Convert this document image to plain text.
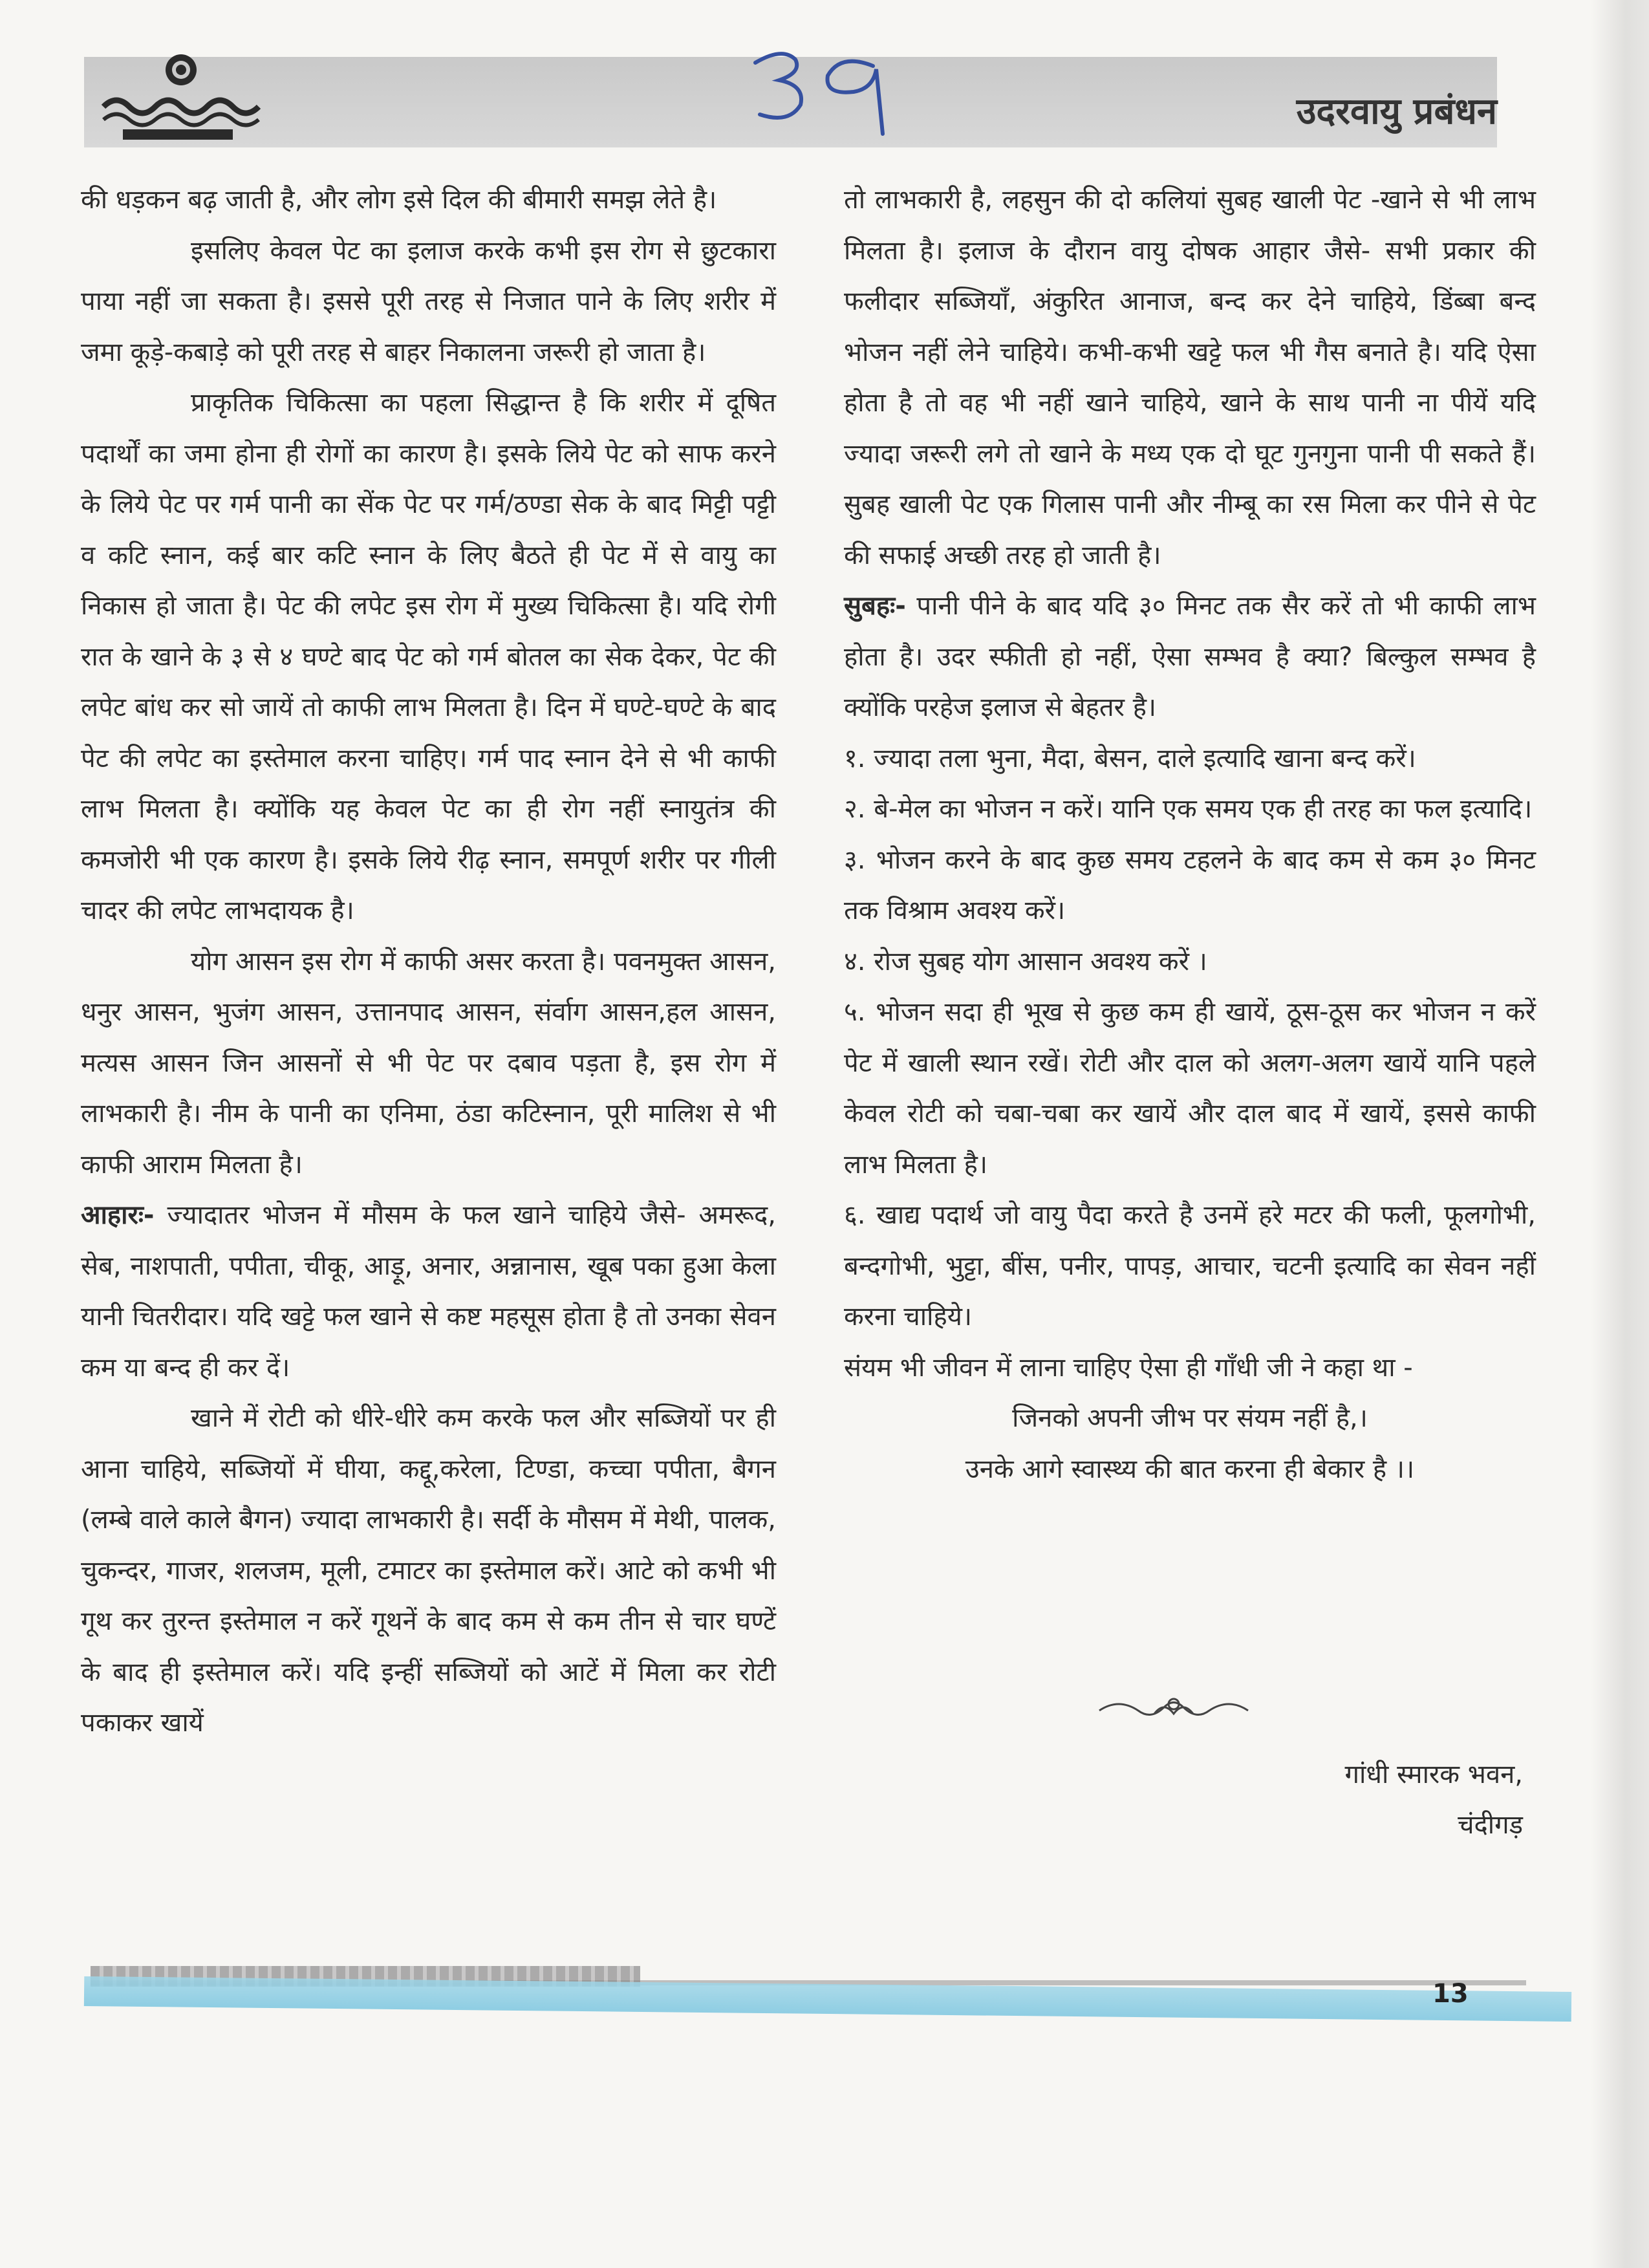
उदरवायु प्रबंधन

की धड़कन बढ़ जाती है, और लोग इसे दिल की बीमारी समझ लेते है।

इसलिए केवल पेट का इलाज करके कभी इस रोग से छुटकारा पाया नहीं जा सकता है। इससे पूरी तरह से निजात पाने के लिए शरीर में जमा कूड़े-कबाड़े को पूरी तरह से बाहर निकालना जरूरी हो जाता है।

प्राकृतिक चिकित्सा का पहला सिद्धान्त है कि शरीर में दूषित पदार्थों का जमा होना ही रोगों का कारण है। इसके लिये पेट को साफ करने के लिये पेट पर गर्म पानी का सेंक पेट पर गर्म/ठण्डा सेक के बाद मिट्टी पट्टी व कटि स्नान, कई बार कटि स्नान के लिए बैठते ही पेट में से वायु का निकास हो जाता है। पेट की लपेट इस रोग में मुख्य चिकित्सा है। यदि रोगी रात के खाने के ३ से ४ घण्टे बाद पेट को गर्म बोतल का सेक देकर, पेट की लपेट बांध कर सो जायें तो काफी लाभ मिलता है। दिन में घण्टे-घण्टे के बाद पेट की लपेट का इस्तेमाल करना चाहिए। गर्म पाद स्नान देने से भी काफी लाभ मिलता है। क्योंकि यह केवल पेट का ही रोग नहीं स्नायुतंत्र की कमजोरी भी एक कारण है। इसके लिये रीढ़ स्नान, समपूर्ण शरीर पर गीली चादर की लपेट लाभदायक है।

योग आसन इस रोग में काफी असर करता है। पवनमुक्त आसन, धनुर आसन, भुजंग आसन, उत्तानपाद आसन, संर्वाग आसन,हल आसन, मत्यस आसन जिन आसनों से भी पेट पर दबाव पड़ता है, इस रोग में लाभकारी है। नीम के पानी का एनिमा, ठंडा कटिस्नान, पूरी मालिश से भी काफी आराम मिलता है।

आहारः- ज्यादातर भोजन में मौसम के फल खाने चाहिये जैसे- अमरूद, सेब, नाशपाती, पपीता, चीकू, आड़ू, अनार, अन्नानास, खूब पका हुआ केला यानी चितरीदार। यदि खट्टे फल खाने से कष्ट महसूस होता है तो उनका सेवन कम या बन्द ही कर दें।

खाने में रोटी को धीरे-धीरे कम करके फल और सब्जियों पर ही आना चाहिये, सब्जियों में घीया, कद्दू,करेला, टिण्डा, कच्चा पपीता, बैगन (लम्बे वाले काले बैगन) ज्यादा लाभकारी है। सर्दी के मौसम में मेथी, पालक, चुकन्दर, गाजर, शलजम, मूली, टमाटर का इस्तेमाल करें। आटे को कभी भी गूथ कर तुरन्त इस्तेमाल न करें गूथनें के बाद कम से कम तीन से चार घण्टें के बाद ही इस्तेमाल करें। यदि इन्हीं सब्जियों को आटें में मिला कर रोटी पकाकर खायें

तो लाभकारी है, लहसुन की दो कलियां सुबह खाली पेट -खाने से भी लाभ मिलता है। इलाज के दौरान वायु दोषक आहार जैसे- सभी प्रकार की फलीदार सब्जियाँ, अंकुरित आनाज, बन्द कर देने चाहिये, डिंब्बा बन्द भोजन नहीं लेने चाहिये। कभी-कभी खट्टे फल भी गैस बनाते है। यदि ऐसा होता है तो वह भी नहीं खाने चाहिये, खाने के साथ पानी ना पीयें यदि ज्यादा जरूरी लगे तो खाने के मध्य एक दो घूट गुनगुना पानी पी सकते हैं। सुबह खाली पेट एक गिलास पानी और नीम्बू का रस मिला कर पीने से पेट की सफाई अच्छी तरह हो जाती है।

सुबहः- पानी पीने के बाद यदि ३० मिनट तक सैर करें तो भी काफी लाभ होता है। उदर स्फीती हो नहीं, ऐसा सम्भव है क्या? बिल्कुल सम्भव है क्योंकि परहेज इलाज से बेहतर है।

१. ज्यादा तला भुना, मैदा, बेसन, दाले इत्यादि खाना बन्द करें।

२. बे-मेल का भोजन न करें। यानि एक समय एक ही तरह का फल इत्यादि।

३. भोजन करने के बाद कुछ समय टहलने के बाद कम से कम ३० मिनट तक विश्राम अवश्य करें।

४. रोज सुबह योग आसान अवश्य करें ।

५. भोजन सदा ही भूख से कुछ कम ही खायें, ठूस-ठूस कर भोजन न करें पेट में खाली स्थान रखें। रोटी और दाल को अलग-अलग खायें यानि पहले केवल रोटी को चबा-चबा कर खायें और दाल बाद में खायें, इससे काफी लाभ मिलता है।

६. खाद्य पदार्थ जो वायु पैदा करते है उनमें हरे मटर की फली, फूलगोभी, बन्दगोभी, भुट्टा, बींस, पनीर, पापड़, आचार, चटनी इत्यादि का सेवन नहीं करना चाहिये।

संयम भी जीवन में लाना चाहिए ऐसा ही गाँधी जी ने कहा था -

जिनको अपनी जीभ पर संयम नहीं है,।

उनके आगे स्वास्थ्य की बात करना ही बेकार है ।।

गांधी स्मारक भवन,
चंदीगड़
13
